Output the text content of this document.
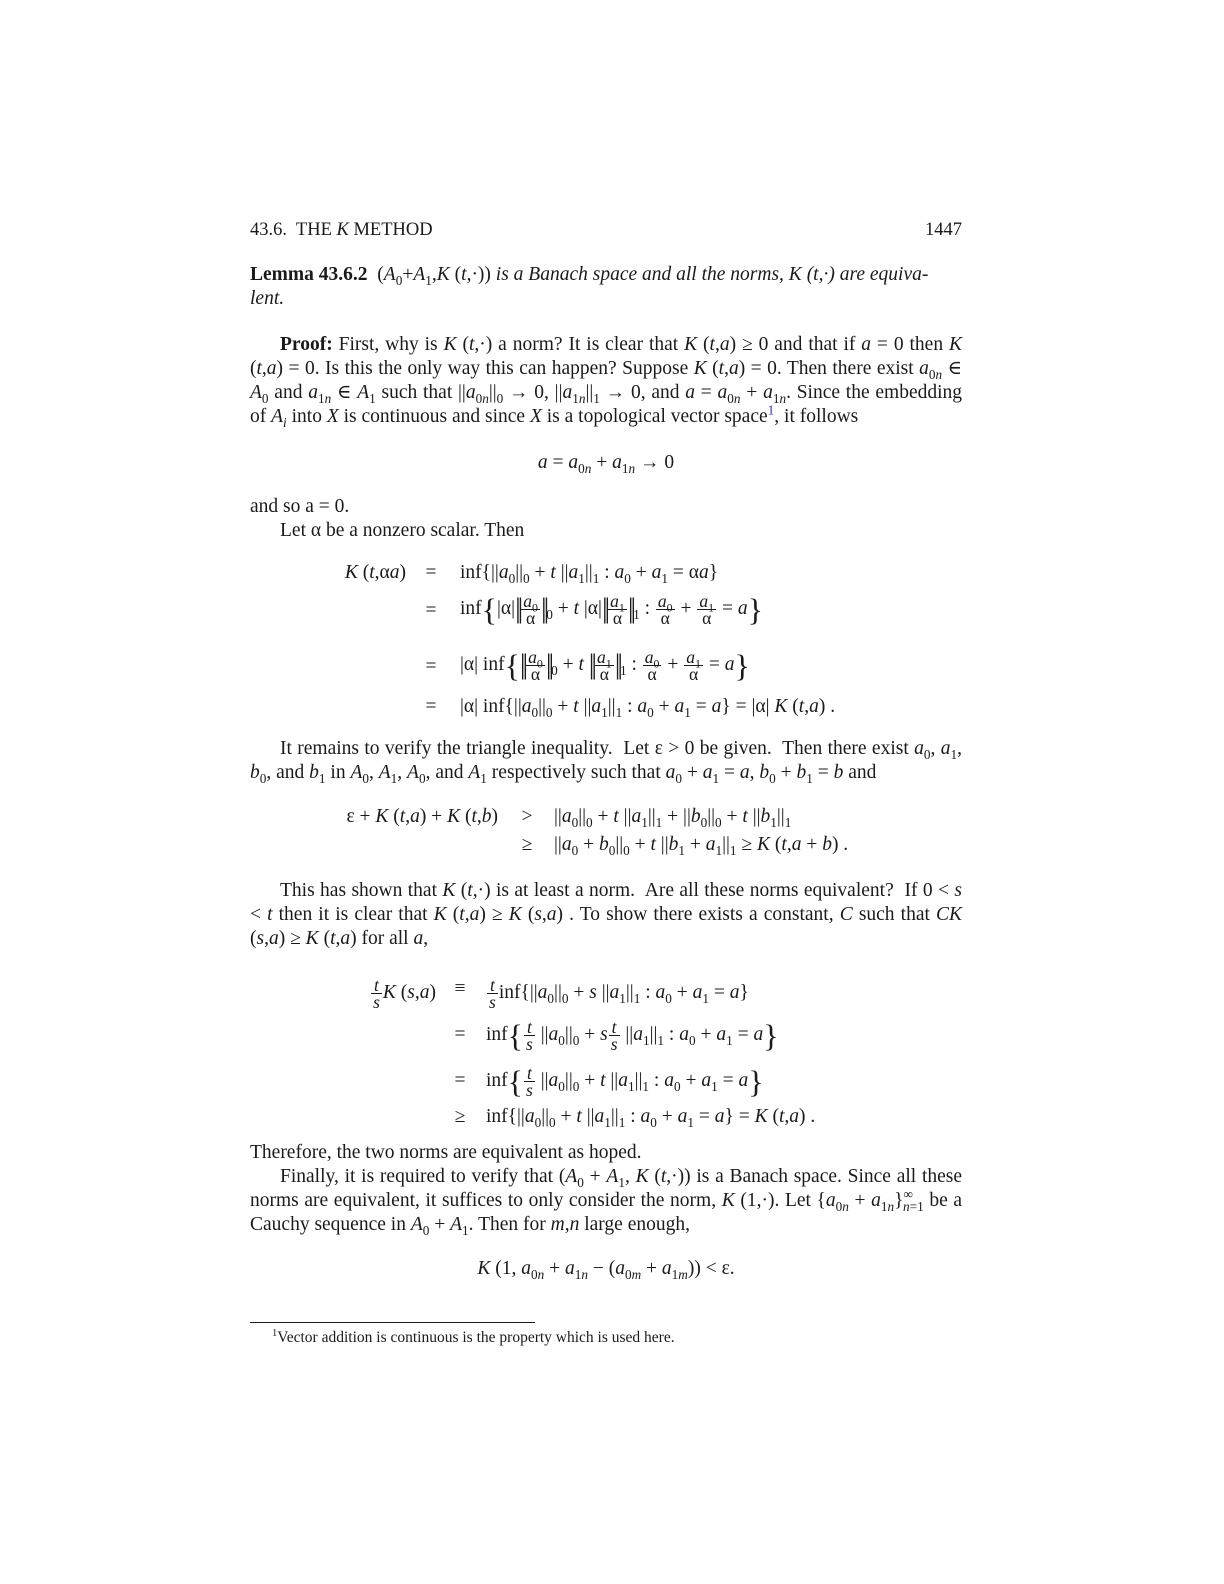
43.6.  THE K METHOD	1447

Lemma 43.6.2  ($A_0+A_1,K$ (t,·)) is a Banach space and all the norms, K (t,·) are equiva-
lent.

Proof: First, why is K (t,·) a norm? It is clear that K (t,a) ≥ 0 and that if a = 0 then K (t,a) = 0. Is this the only way this can happen? Suppose K (t,a) = 0. Then there exist $a_{0n}$ ∈ $A_0$ and $a_{1n}$ ∈ $A_1$ such that $||a_{0n}||_0 \to 0$, $||a_{1n}||_1 \to 0$, and $a = a_{0n} + a_{1n}$. Since the embedding of $A_i$ into X is continuous and since X is a topological vector space$^1$, it follows

$a = a_{0n} + a_{1n} \to 0$

and so a = 0.

Let α be a nonzero scalar. Then

K (t,αa)	=	$inf\{||a_0||_0 + t$ $||a_1||_1$ : $a_0 + a_1 = \alpha a$}
=	$inf\{|\alpha||| \frac{a_0}{\alpha} ||_0 + t$ $|\alpha||| \frac{a_1}{\alpha} ||_1$ : $\frac{a_0}{\alpha} + \frac{a_1}{\alpha} = a$}
=	|α| $inf\{|| \frac{a_0}{\alpha} ||_0 + t$ || $\frac{a_1}{\alpha} ||_1$ : $\frac{a_0}{\alpha} + \frac{a_1}{\alpha} = a$}
=	|α| $inf\{||a_0||_0 + t$ $||a_1||_1$ : $a_0 + a_1 = a\} = |\alpha|$ K (t,a) .

It remains to verify the triangle inequality.  Let ε > 0 be given.  Then there exist $a_0$, $a_1$, $b_0$, and $b_1$ in $A_0$, $A_1$, $A_0$, and $A_1$ respectively such that $a_0 + a_1 = a$, $b_0 + b_1 = b$ and

ε + K (t,a) + K (t,b)	>	$||a_0||_0 + t$ $||a_1||_1 + ||b_0||_0 + t$ $||b_1||_1$
≥	$||a_0 + b_0||_0 + t$ $||b_1 + a_1||_1 \ge K$ (t,a + b) .

This has shown that K (t,·) is at least a norm.  Are all these norms equivalent?  If 0 < s < t then it is clear that K (t,a) ≥ K (s,a) . To show there exists a constant, C such that CK (s,a) ≥ K (t,a) for all a,

$\frac{t}{s}$ K (s,a) ≡	$\frac{t}{s} inf\{||a_0||_0 + s$ $||a_1||_1$ : $a_0 + a_1 = a$}
=	$inf\{ \frac{t}{s} ||a_0||_0 + s \frac{t}{s} ||a_1||_1$ : $a_0 + a_1 = a$}
=	$inf\{ \frac{t}{s} ||a_0||_0 + t$ $||a_1||_1$ : $a_0 + a_1 = a$}
≥	$inf\{||a_0||_0 + t$ $||a_1||_1$ : $a_0 + a_1 = a\} = K$ (t,a) .

Therefore, the two norms are equivalent as hoped.

Finally, it is required to verify that ($A_0 + A_1$, K (t,·)) is a Banach space. Since all these norms are equivalent, it suffices to only consider the norm, K (1,·). Let $\{a_{0n} + a_{1n}\}^\infty_{n=1}$ be a Cauchy sequence in $A_0 + A_1$. Then for m,n large enough,

K (1, $a_{0n} + a_{1n} - (a_{0m} + a_{1m})) < \varepsilon$.
$^1$Vector addition is continuous is the property which is used here.
